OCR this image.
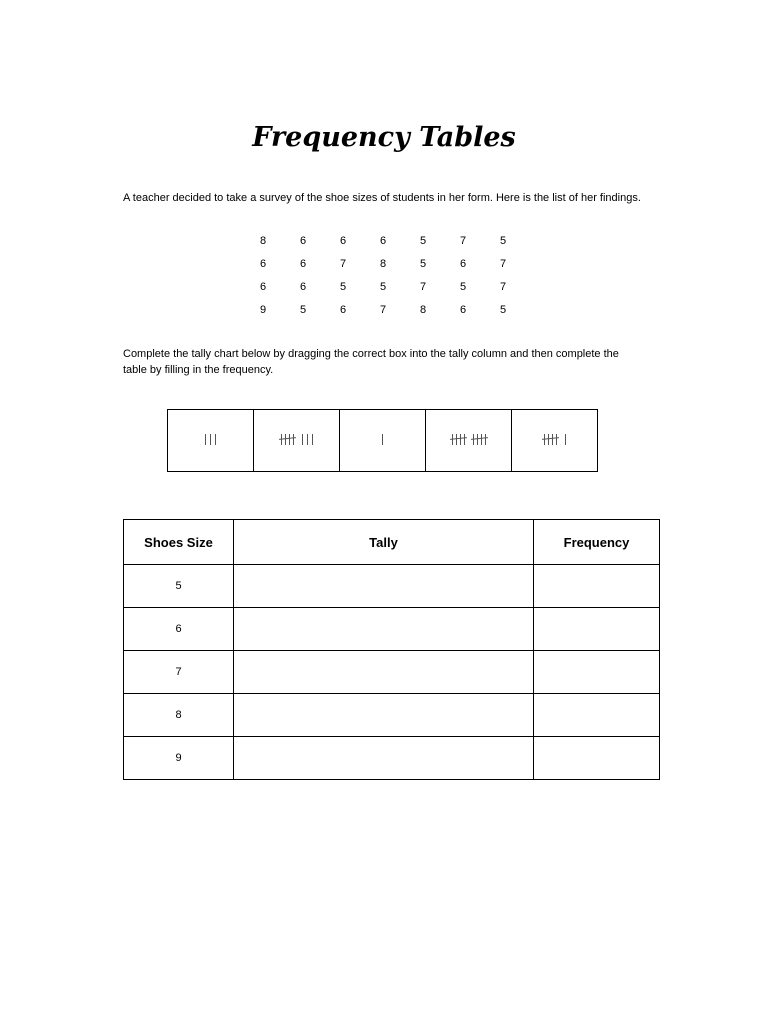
Frequency Tables
A teacher decided to take a survey of the shoe sizes of students in her form. Here is the list of her findings.
8	6	6	6	5	7	5
6	6	7	8	5	6	7
6	6	5	5	7	5	7
9	5	6	7	8	6	5
Complete the tally chart below by dragging the correct box into the tally column and then complete the table by filling in the frequency.

Shoes Size	Tally	Frequency
5		
6		
7		
8		
9		
